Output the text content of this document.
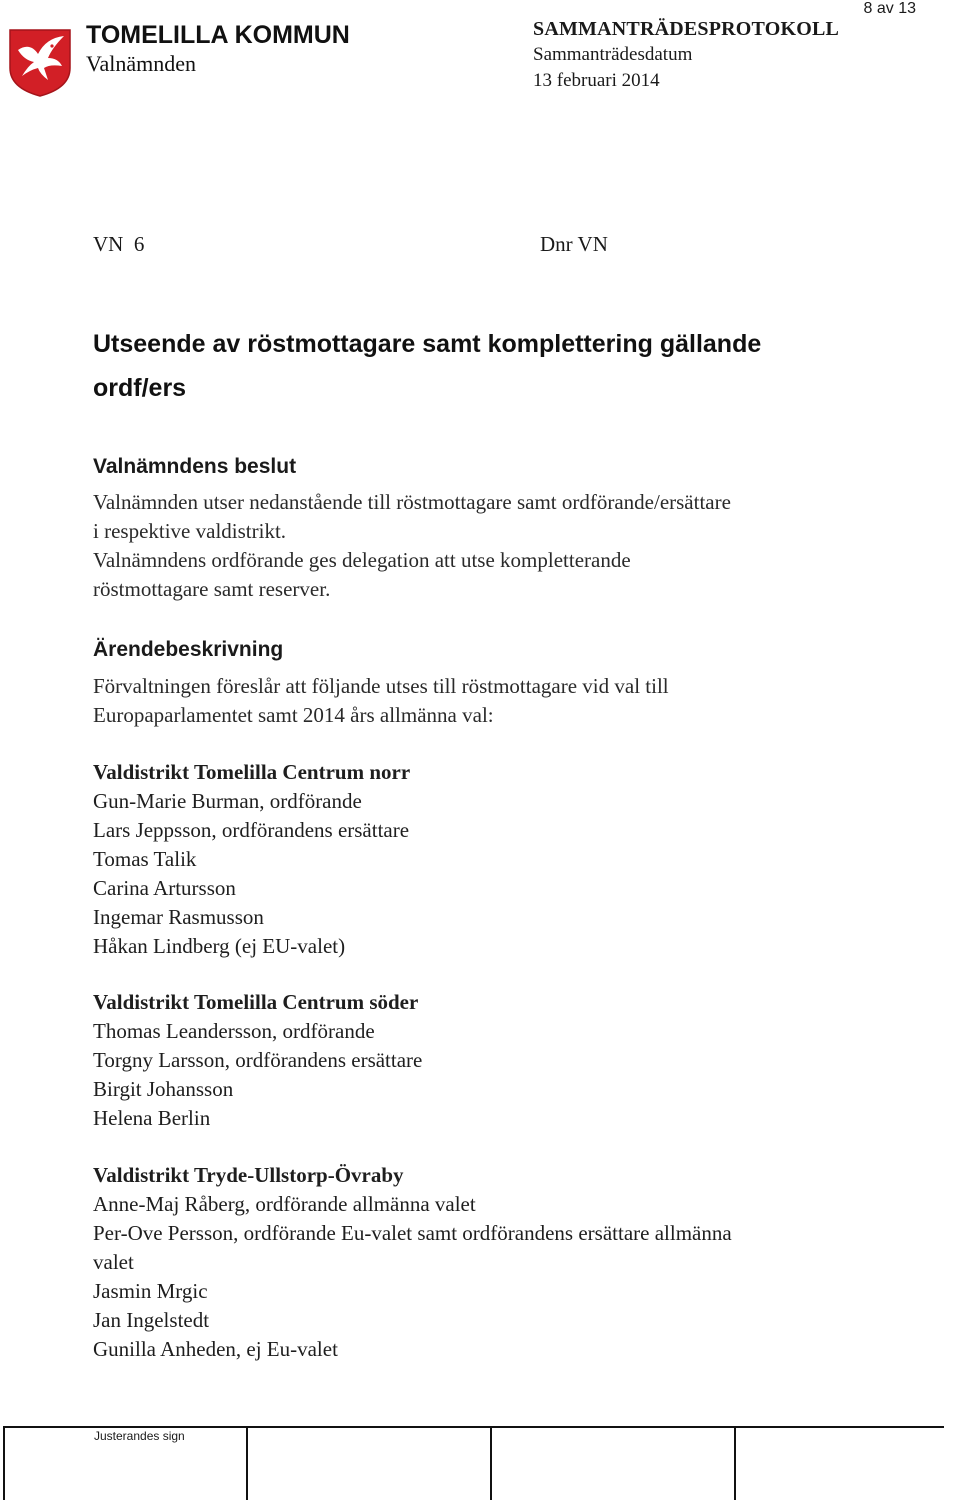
8 av 13
TOMELILLA KOMMUN
Valnämnden
SAMMANTRÄDESPROTOKOLL
Sammanträdesdatum
13 februari 2014
VN  6	Dnr VN
Utseende av röstmottagare samt komplettering gällande
ordf/ers
Valnämndens beslut
Valnämnden utser nedanstående till röstmottagare samt ordförande/ersättare
i respektive valdistrikt.
Valnämndens ordförande ges delegation att utse kompletterande
röstmottagare samt reserver.
Ärendebeskrivning
Förvaltningen föreslår att följande utses till röstmottagare vid val till
Europaparlamentet samt 2014 års allmänna val:
Valdistrikt Tomelilla Centrum norr
Gun-Marie Burman, ordförande
Lars Jeppsson, ordförandens ersättare
Tomas Talik
Carina Artursson
Ingemar Rasmusson
Håkan Lindberg (ej EU-valet)
Valdistrikt Tomelilla Centrum söder
Thomas Leandersson, ordförande
Torgny Larsson, ordförandens ersättare
Birgit Johansson
Helena Berlin
Valdistrikt Tryde-Ullstorp-Övraby
Anne-Maj Råberg, ordförande allmänna valet
Per-Ove Persson, ordförande Eu-valet samt ordförandens ersättare allmänna
valet
Jasmin Mrgic
Jan Ingelstedt
Gunilla Anheden, ej Eu-valet
Justerandes sign
